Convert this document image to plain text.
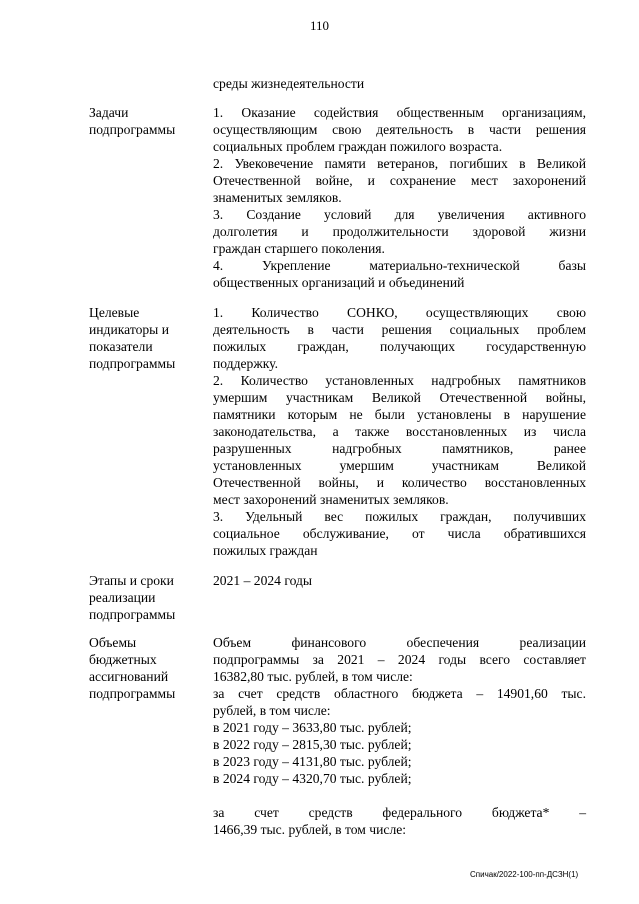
110
среды жизнедеятельности
Задачи
подпрограммы
1. Оказание содействия общественным организациям,
осуществляющим свою деятельность в части решения
социальных проблем граждан пожилого возраста.
2. Увековечение памяти ветеранов, погибших в Великой
Отечественной войне, и сохранение мест захоронений
знаменитых земляков.
3. Создание условий для увеличения активного
долголетия и продолжительности здоровой жизни
граждан старшего поколения.
4. Укрепление материально-технической базы
общественных организаций и объединений
Целевые
индикаторы и
показатели
подпрограммы
1. Количество СОНКО, осуществляющих свою
деятельность в части решения социальных проблем
пожилых граждан, получающих государственную
поддержку.
2. Количество установленных надгробных памятников
умершим участникам Великой Отечественной войны,
памятники которым не были установлены в нарушение
законодательства, а также восстановленных из числа
разрушенных надгробных памятников, ранее
установленных умершим участникам Великой
Отечественной войны, и количество восстановленных
мест захоронений знаменитых земляков.
3. Удельный вес пожилых граждан, получивших
социальное обслуживание, от числа обратившихся
пожилых граждан
Этапы и сроки
реализации
подпрограммы
2021 – 2024 годы
Объемы
бюджетных
ассигнований
подпрограммы
Объем финансового обеспечения реализации
подпрограммы за 2021 – 2024 годы всего составляет
16382,80 тыс. рублей, в том числе:
за счет средств областного бюджета – 14901,60 тыс.
рублей, в том числе:
в 2021 году – 3633,80 тыс. рублей;
в 2022 году – 2815,30 тыс. рублей;
в 2023 году – 4131,80 тыс. рублей;
в 2024 году – 4320,70 тыс. рублей;
за счет средств федерального бюджета* –
1466,39 тыс. рублей, в том числе:
Спичак/2022-100-пп-ДСЗН(1)
